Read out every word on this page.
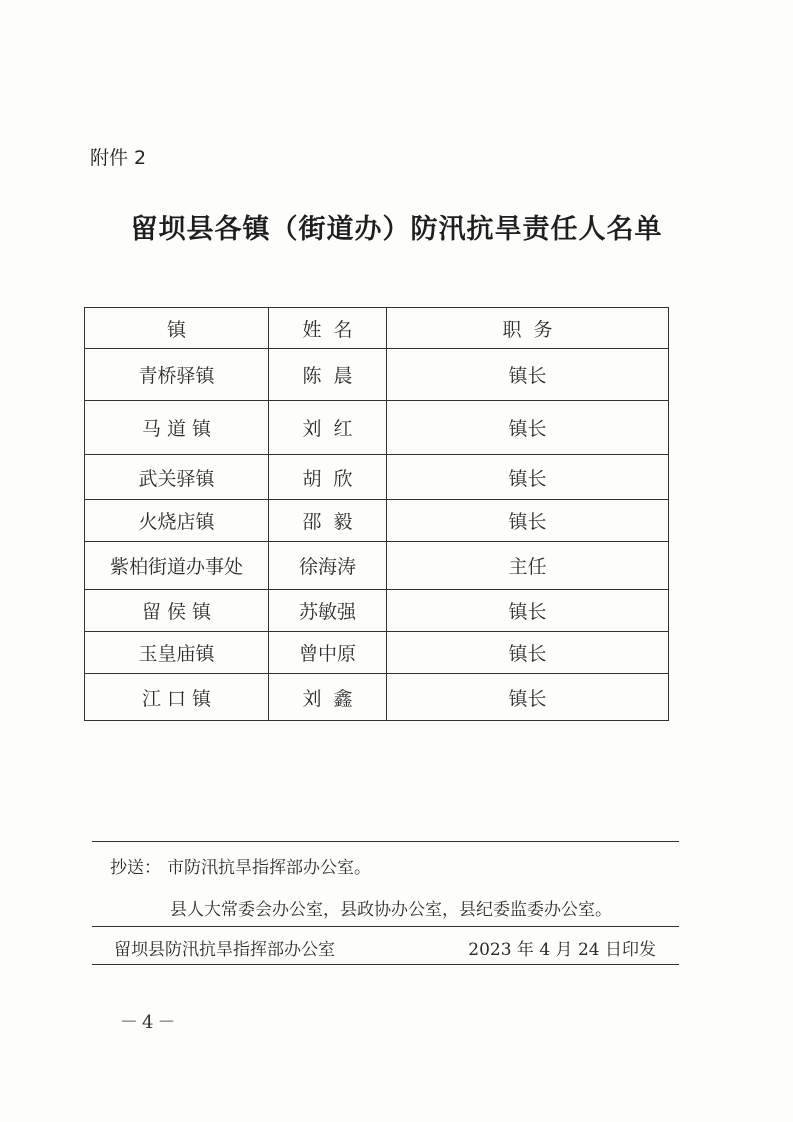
附件 2
留坝县各镇（街道办）防汛抗旱责任人名单
镇	姓  名	职  务
青桥驿镇	陈  晨	镇长
马 道 镇	刘  红	镇长
武关驿镇	胡  欣	镇长
火烧店镇	邵  毅	镇长
紫柏街道办事处	徐海涛	主任
留 侯 镇	苏敏强	镇长
玉皇庙镇	曾中原	镇长
江 口 镇	刘  鑫	镇长
抄送： 市防汛抗旱指挥部办公室。
县人大常委会办公室，县政协办公室，县纪委监委办公室。
留坝县防汛抗旱指挥部办公室	2023 年 4 月 24 日印发
－4－
